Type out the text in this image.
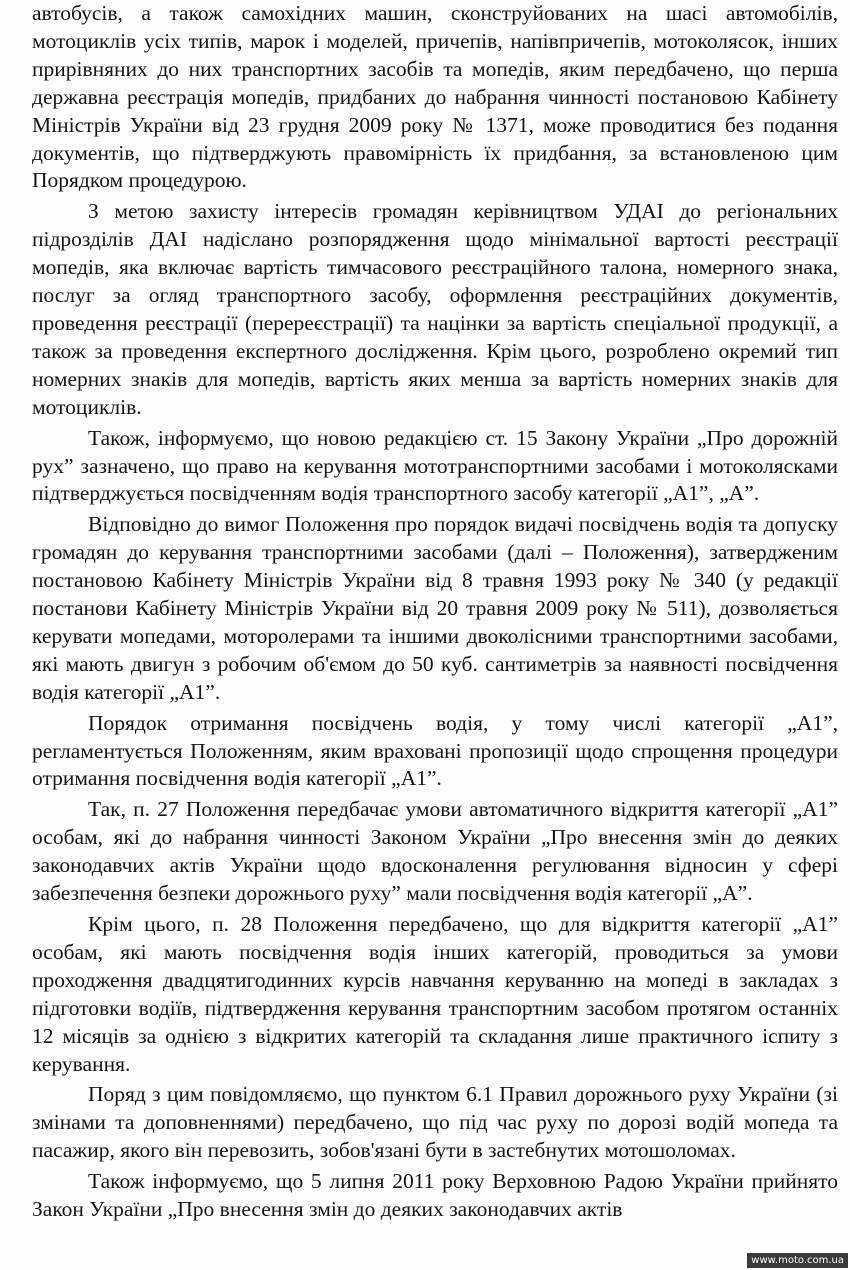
автобусів, а також самохідних машин, сконструйованих на шасі автомобілів, мотоциклів усіх типів, марок і моделей, причепів, напівпричепів, мотоколясок, інших прирівняних до них транспортних засобів та мопедів, яким передбачено, що перша державна реєстрація мопедів, придбаних до набрання чинності постановою Кабінету Міністрів України від 23 грудня 2009 року № 1371, може проводитися без подання документів, що підтверджують правомірність їх придбання, за встановленою цим Порядком процедурою.

З метою захисту інтересів громадян керівництвом УДАІ до регіональних підрозділів ДАІ надіслано розпорядження щодо мінімальної вартості реєстрації мопедів, яка включає вартість тимчасового реєстраційного талона, номерного знака, послуг за огляд транспортного засобу, оформлення реєстраційних документів, проведення реєстрації (перереєстрації) та націнки за вартість спеціальної продукції, а також за проведення експертного дослідження. Крім цього, розроблено окремий тип номерних знаків для мопедів, вартість яких менша за вартість номерних знаків для мотоциклів.

Також, інформуємо, що новою редакцією ст. 15 Закону України „Про дорожній рух” зазначено, що право на керування мототранспортними засобами і мотоколясками підтверджується посвідченням водія транспортного засобу категорії „А1”, „А”.

Відповідно до вимог Положення про порядок видачі посвідчень водія та допуску громадян до керування транспортними засобами (далі – Положення), затвердженим постановою Кабінету Міністрів України від 8 травня 1993 року № 340 (у редакції постанови Кабінету Міністрів України від 20 травня 2009 року № 511), дозволяється керувати мопедами, моторолерами та іншими двоколісними транспортними засобами, які мають двигун з робочим об'ємом до 50 куб. сантиметрів за наявності посвідчення водія категорії „А1”.

Порядок отримання посвідчень водія, у тому числі категорії „А1”, регламентується Положенням, яким враховані пропозиції щодо спрощення процедури отримання посвідчення водія категорії „А1”.

Так, п. 27 Положення передбачає умови автоматичного відкриття категорії „А1” особам, які до набрання чинності Законом України „Про внесення змін до деяких законодавчих актів України щодо вдосконалення регулювання відносин у сфері забезпечення безпеки дорожнього руху” мали посвідчення водія категорії „А”.

Крім цього, п. 28 Положення передбачено, що для відкриття категорії „А1” особам, які мають посвідчення водія інших категорій, проводиться за умови проходження двадцятигодинних курсів навчання керуванню на мопеді в закладах з підготовки водіїв, підтвердження керування транспортним засобом протягом останніх 12 місяців за однією з відкритих категорій та складання лише практичного іспиту з керування.

Поряд з цим повідомляємо, що пунктом 6.1 Правил дорожнього руху України (зі змінами та доповненнями) передбачено, що під час руху по дорозі водій мопеда та пасажир, якого він перевозить, зобов'язані бути в застебнутих мотошоломах.

Також інформуємо, що 5 липня 2011 року Верховною Радою України прийнято Закон України „Про внесення змін до деяких законодавчих актів

www.moto.com.ua
